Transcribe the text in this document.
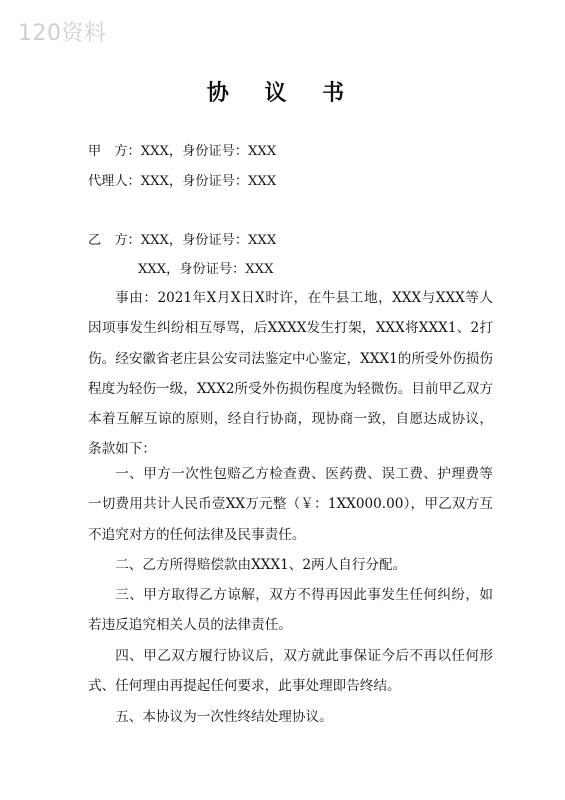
120资料
协 议 书
甲　方：XXX，身份证号：XXX
代理人：XXX，身份证号：XXX
乙　方：XXX，身份证号：XXX
XXX，身份证号：XXX
事由：2021年X月X日X时许，在牛县工地，XXX与XXX等人因项事发生纠纷相互辱骂，后XXXX发生打架，XXX将XXX1、2打伤。经安徽省老庄县公安司法鉴定中心鉴定，XXX1的所受外伤损伤程度为轻伤一级，XXX2所受外伤损伤程度为轻微伤。目前甲乙双方本着互解互谅的原则，经自行协商，现协商一致，自愿达成协议，条款如下：
一、甲方一次性包赔乙方检查费、医药费、误工费、护理费等一切费用共计人民币壹XX万元整（￥：1XX000.00），甲乙双方互不追究对方的任何法律及民事责任。
二、乙方所得赔偿款由XXX1、2两人自行分配。
三、甲方取得乙方谅解，双方不得再因此事发生任何纠纷，如若违反追究相关人员的法律责任。
四、甲乙双方履行协议后，双方就此事保证今后不再以任何形式、任何理由再提起任何要求，此事处理即告终结。
五、本协议为一次性终结处理协议。
